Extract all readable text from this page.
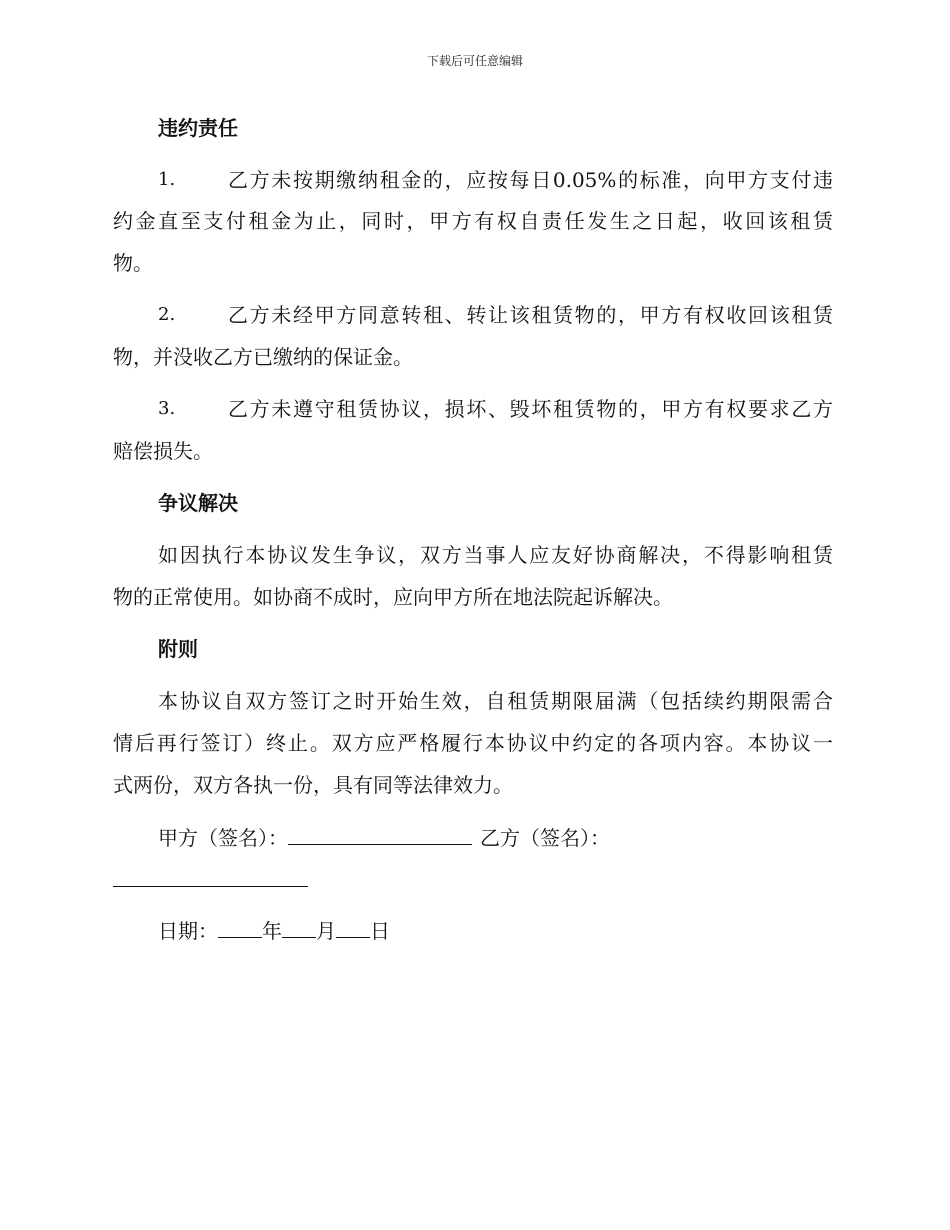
下载后可任意编辑
违约责任
1.	乙方未按期缴纳租金的，应按每日0.05%的标准，向甲方支付违
约金直至支付租金为止，同时，甲方有权自责任发生之日起，收回该租赁
物。
2.	乙方未经甲方同意转租、转让该租赁物的，甲方有权收回该租赁
物，并没收乙方已缴纳的保证金。
3.	乙方未遵守租赁协议，损坏、毁坏租赁物的，甲方有权要求乙方
赔偿损失。
争议解决
如因执行本协议发生争议，双方当事人应友好协商解决，不得影响租赁
物的正常使用。如协商不成时，应向甲方所在地法院起诉解决。
附则
本协议自双方签订之时开始生效，自租赁期限届满（包括续约期限需合
情后再行签订）终止。双方应严格履行本协议中约定的各项内容。本协议一
式两份，双方各执一份，具有同等法律效力。
甲方（签名）：	乙方（签名）：
日期： 年 月 日
